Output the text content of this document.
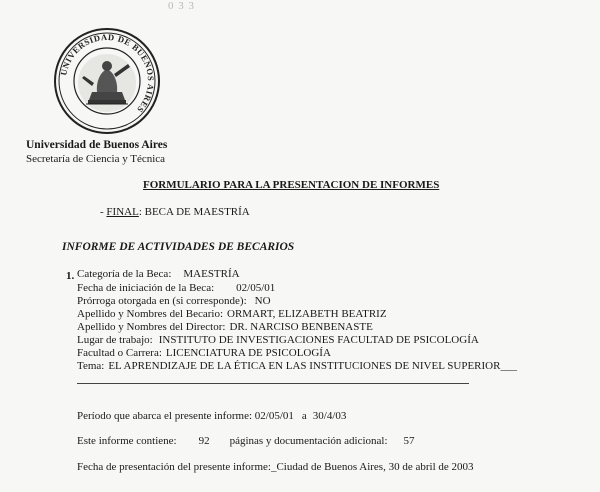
0 3 3
UNIVERSIDAD DE BUENOS AIRES
Universidad de Buenos Aires
Secretaría de Ciencia y Técnica
FORMULARIO PARA LA PRESENTACION DE INFORMES
- FINAL: BECA DE MAESTRÍA
INFORME DE ACTIVIDADES DE BECARIOS
1. Categoría de la Beca: MAESTRÍA
Fecha de iniciación de la Beca: 02/05/01
Prórroga otorgada en (si corresponde): NO
Apellido y Nombres del Becario: ORMART, ELIZABETH BEATRIZ
Apellido y Nombres del Director: DR. NARCISO BENBENASTE
Lugar de trabajo: INSTITUTO DE INVESTIGACIONES FACULTAD DE PSICOLOGÍA
Facultad o Carrera: LICENCIATURA DE PSICOLOGÍA
Tema: EL APRENDIZAJE DE LA ÉTICA EN LAS INSTITUCIONES DE NIVEL SUPERIOR___
Período que abarca el presente informe: 02/05/01 a 30/4/03
Este informe contiene: 92 páginas y documentación adicional: 57
Fecha de presentación del presente informe:_Ciudad de Buenos Aires, 30 de abril de 2003
